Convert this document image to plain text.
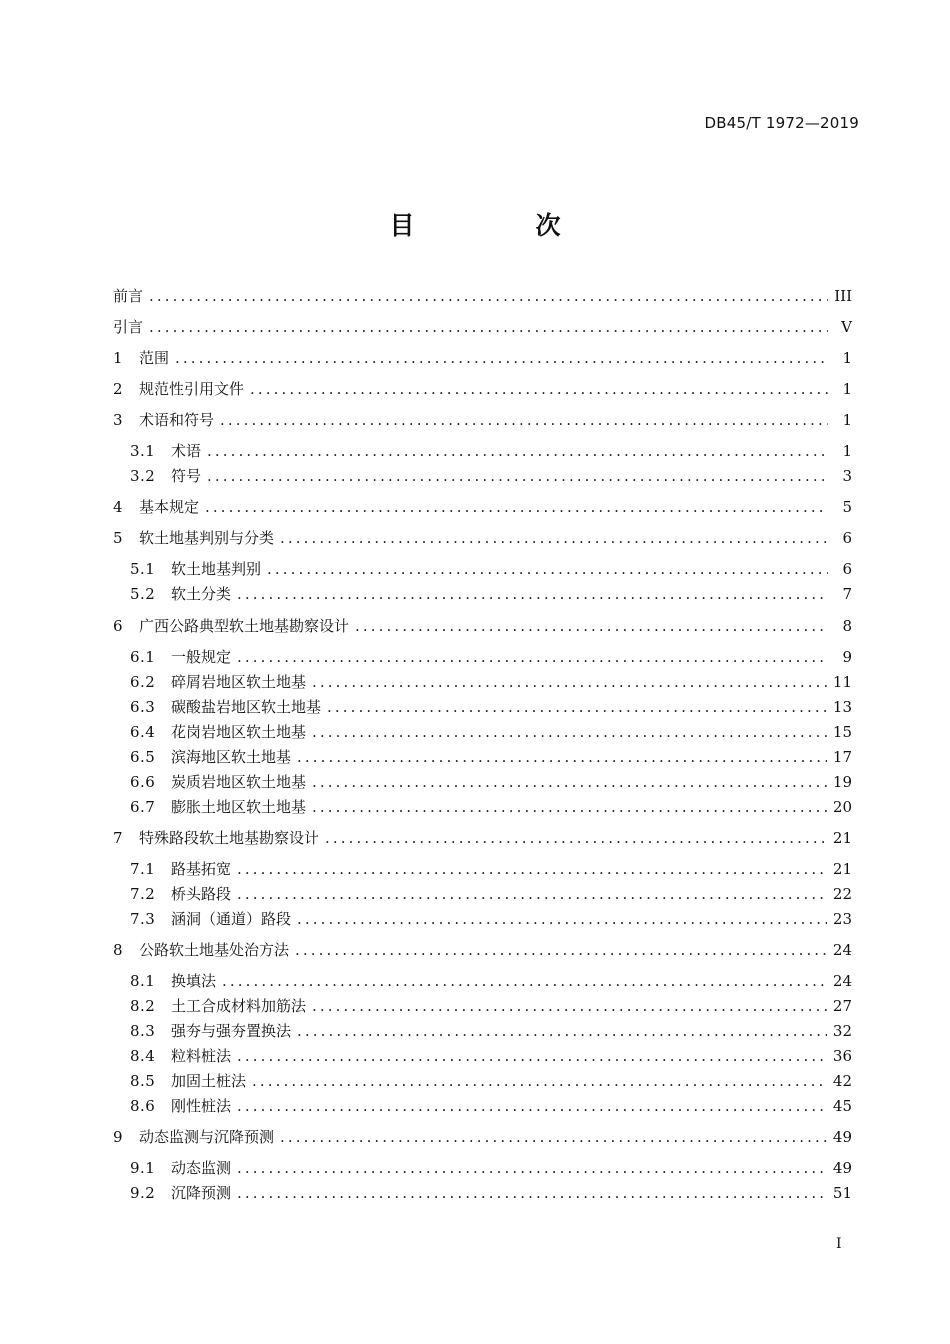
DB45/T 1972—2019
目　次
前言 .....	III
引言 .....	V
1	范围 .....	1
2	规范性引用文件 .....	1
3	术语和符号 .....	1
3.1	术语 .....	1
3.2	符号 .....	3
4	基本规定 .....	5
5	软土地基判别与分类 .....	6
5.1	软土地基判别 .....	6
5.2	软土分类 .....	7
6	广西公路典型软土地基勘察设计 .....	8
6.1	一般规定 .....	9
6.2	碎屑岩地区软土地基 .....	11
6.3	碳酸盐岩地区软土地基 .....	13
6.4	花岗岩地区软土地基 .....	15
6.5	滨海地区软土地基 .....	17
6.6	炭质岩地区软土地基 .....	19
6.7	膨胀土地区软土地基 .....	20
7	特殊路段软土地基勘察设计 .....	21
7.1	路基拓宽 .....	21
7.2	桥头路段 .....	22
7.3	涵洞（通道）路段 .....	23
8	公路软土地基处治方法 .....	24
8.1	换填法 .....	24
8.2	土工合成材料加筋法 .....	27
8.3	强夯与强夯置换法 .....	32
8.4	粒料桩法 .....	36
8.5	加固土桩法 .....	42
8.6	刚性桩法 .....	45
9	动态监测与沉降预测 .....	49
9.1	动态监测 .....	49
9.2	沉降预测 .....	51
I
